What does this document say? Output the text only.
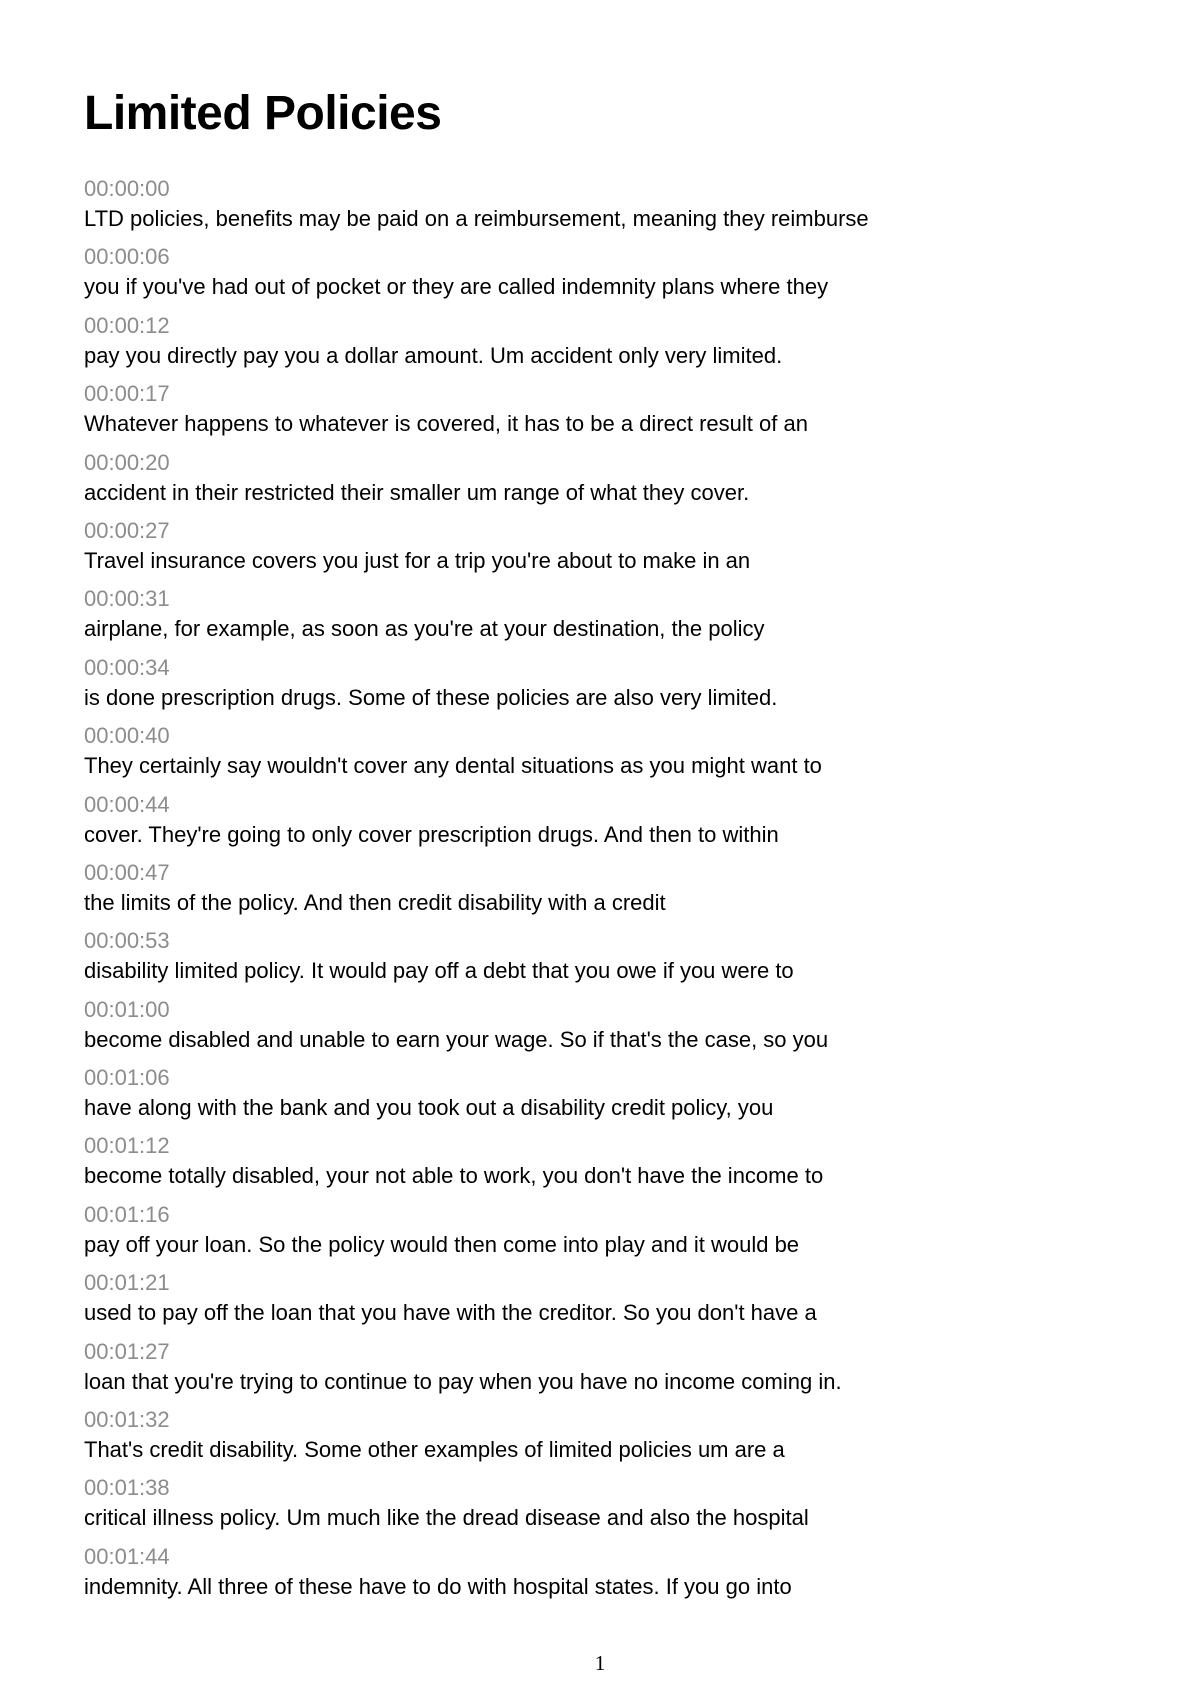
Limited Policies
00:00:00
LTD policies, benefits may be paid on a reimbursement, meaning they reimburse
00:00:06
you if you've had out of pocket or they are called indemnity plans where they
00:00:12
pay you directly pay you a dollar amount. Um accident only very limited.
00:00:17
Whatever happens to whatever is covered, it has to be a direct result of an
00:00:20
accident in their restricted their smaller um range of what they cover.
00:00:27
Travel insurance covers you just for a trip you're about to make in an
00:00:31
airplane, for example, as soon as you're at your destination, the policy
00:00:34
is done prescription drugs. Some of these policies are also very limited.
00:00:40
They certainly say wouldn't cover any dental situations as you might want to
00:00:44
cover. They're going to only cover prescription drugs. And then to within
00:00:47
the limits of the policy. And then credit disability with a credit
00:00:53
disability limited policy. It would pay off a debt that you owe if you were to
00:01:00
become disabled and unable to earn your wage. So if that's the case, so you
00:01:06
have along with the bank and you took out a disability credit policy, you
00:01:12
become totally disabled, your not able to work, you don't have the income to
00:01:16
pay off your loan. So the policy would then come into play and it would be
00:01:21
used to pay off the loan that you have with the creditor. So you don't have a
00:01:27
loan that you're trying to continue to pay when you have no income coming in.
00:01:32
That's credit disability. Some other examples of limited policies um are a
00:01:38
critical illness policy. Um much like the dread disease and also the hospital
00:01:44
indemnity. All three of these have to do with hospital states. If you go into
1
